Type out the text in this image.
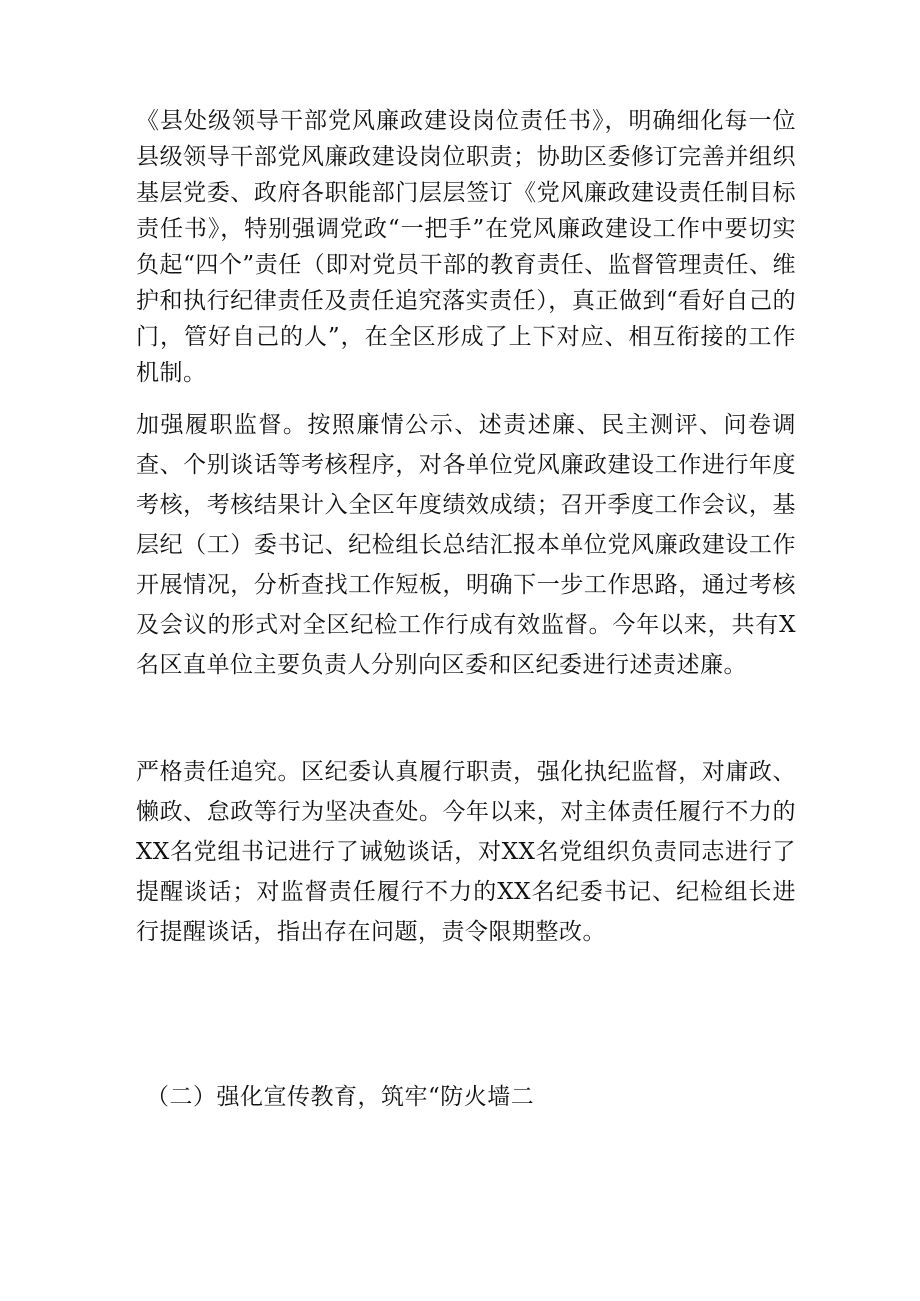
《县处级领导干部党风廉政建设岗位责任书》，明确细化每一位县级领导干部党风廉政建设岗位职责；协助区委修订完善并组织基层党委、政府各职能部门层层签订《党风廉政建设责任制目标责任书》，特别强调党政“一把手”在党风廉政建设工作中要切实负起“四个”责任（即对党员干部的教育责任、监督管理责任、维护和执行纪律责任及责任追究落实责任），真正做到“看好自己的门，管好自己的人”，在全区形成了上下对应、相互衔接的工作机制。

加强履职监督。按照廉情公示、述责述廉、民主测评、问卷调查、个别谈话等考核程序，对各单位党风廉政建设工作进行年度考核，考核结果计入全区年度绩效成绩；召开季度工作会议，基层纪（工）委书记、纪检组长总结汇报本单位党风廉政建设工作开展情况，分析查找工作短板，明确下一步工作思路，通过考核及会议的形式对全区纪检工作行成有效监督。今年以来，共有X名区直单位主要负责人分别向区委和区纪委进行述责述廉。

严格责任追究。区纪委认真履行职责，强化执纪监督，对庸政、懒政、怠政等行为坚决查处。今年以来，对主体责任履行不力的XX名党组书记进行了诫勉谈话，对XX名党组织负责同志进行了提醒谈话；对监督责任履行不力的XX名纪委书记、纪检组长进行提醒谈话，指出存在问题，责令限期整改。

（二）强化宣传教育，筑牢“防火墙二
